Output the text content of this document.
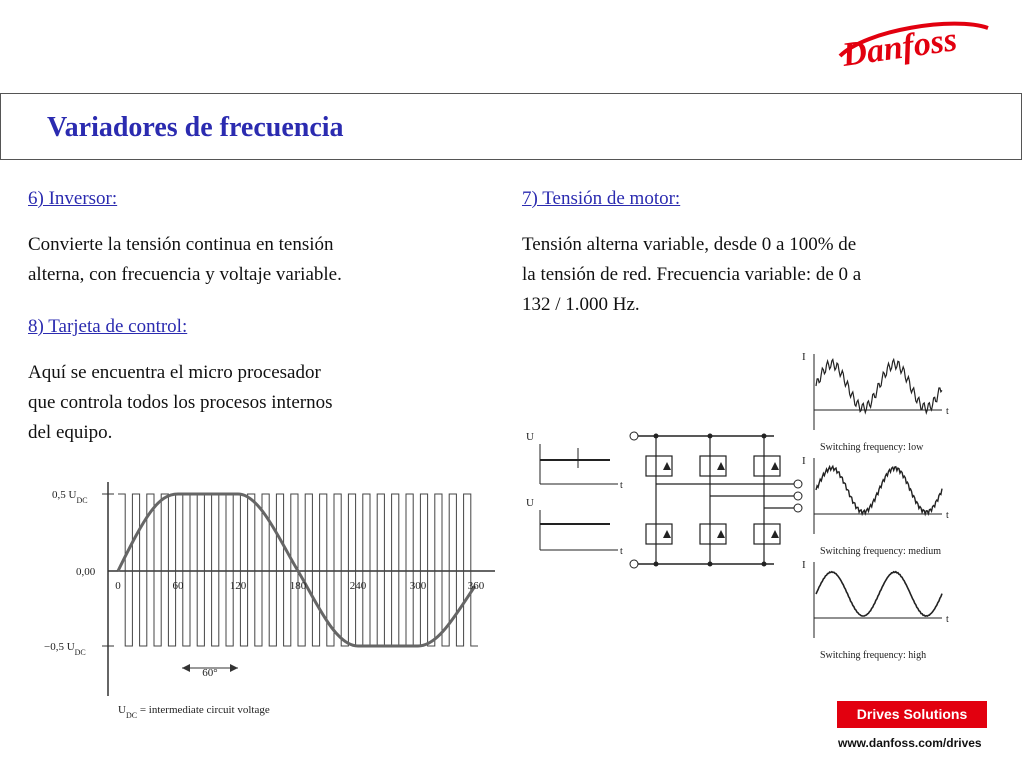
Danfoss
Variadores de frecuencia
6) Inversor:
Convierte la tensión continua en tensión
alterna, con frecuencia y voltaje variable.
8) Tarjeta de control:
Aquí se encuentra el micro procesador
que controla todos los procesos internos
del equipo.
7) Tensión de motor:
Tensión alterna variable, desde 0 a 100% de
la tensión de red. Frecuencia variable: de 0 a
132 / 1.000 Hz.
0,5 $U_{DC}$
0,00
−0,5 $U_{DC}$
0	60	120	180	240	300	360
60°
$U_{DC}$ = intermediate circuit voltage
U
t
U
t
I
t
Switching frequency: low
I
t
Switching frequency: medium
I
t
Switching frequency: high
Drives Solutions
www.danfoss.com/drives
